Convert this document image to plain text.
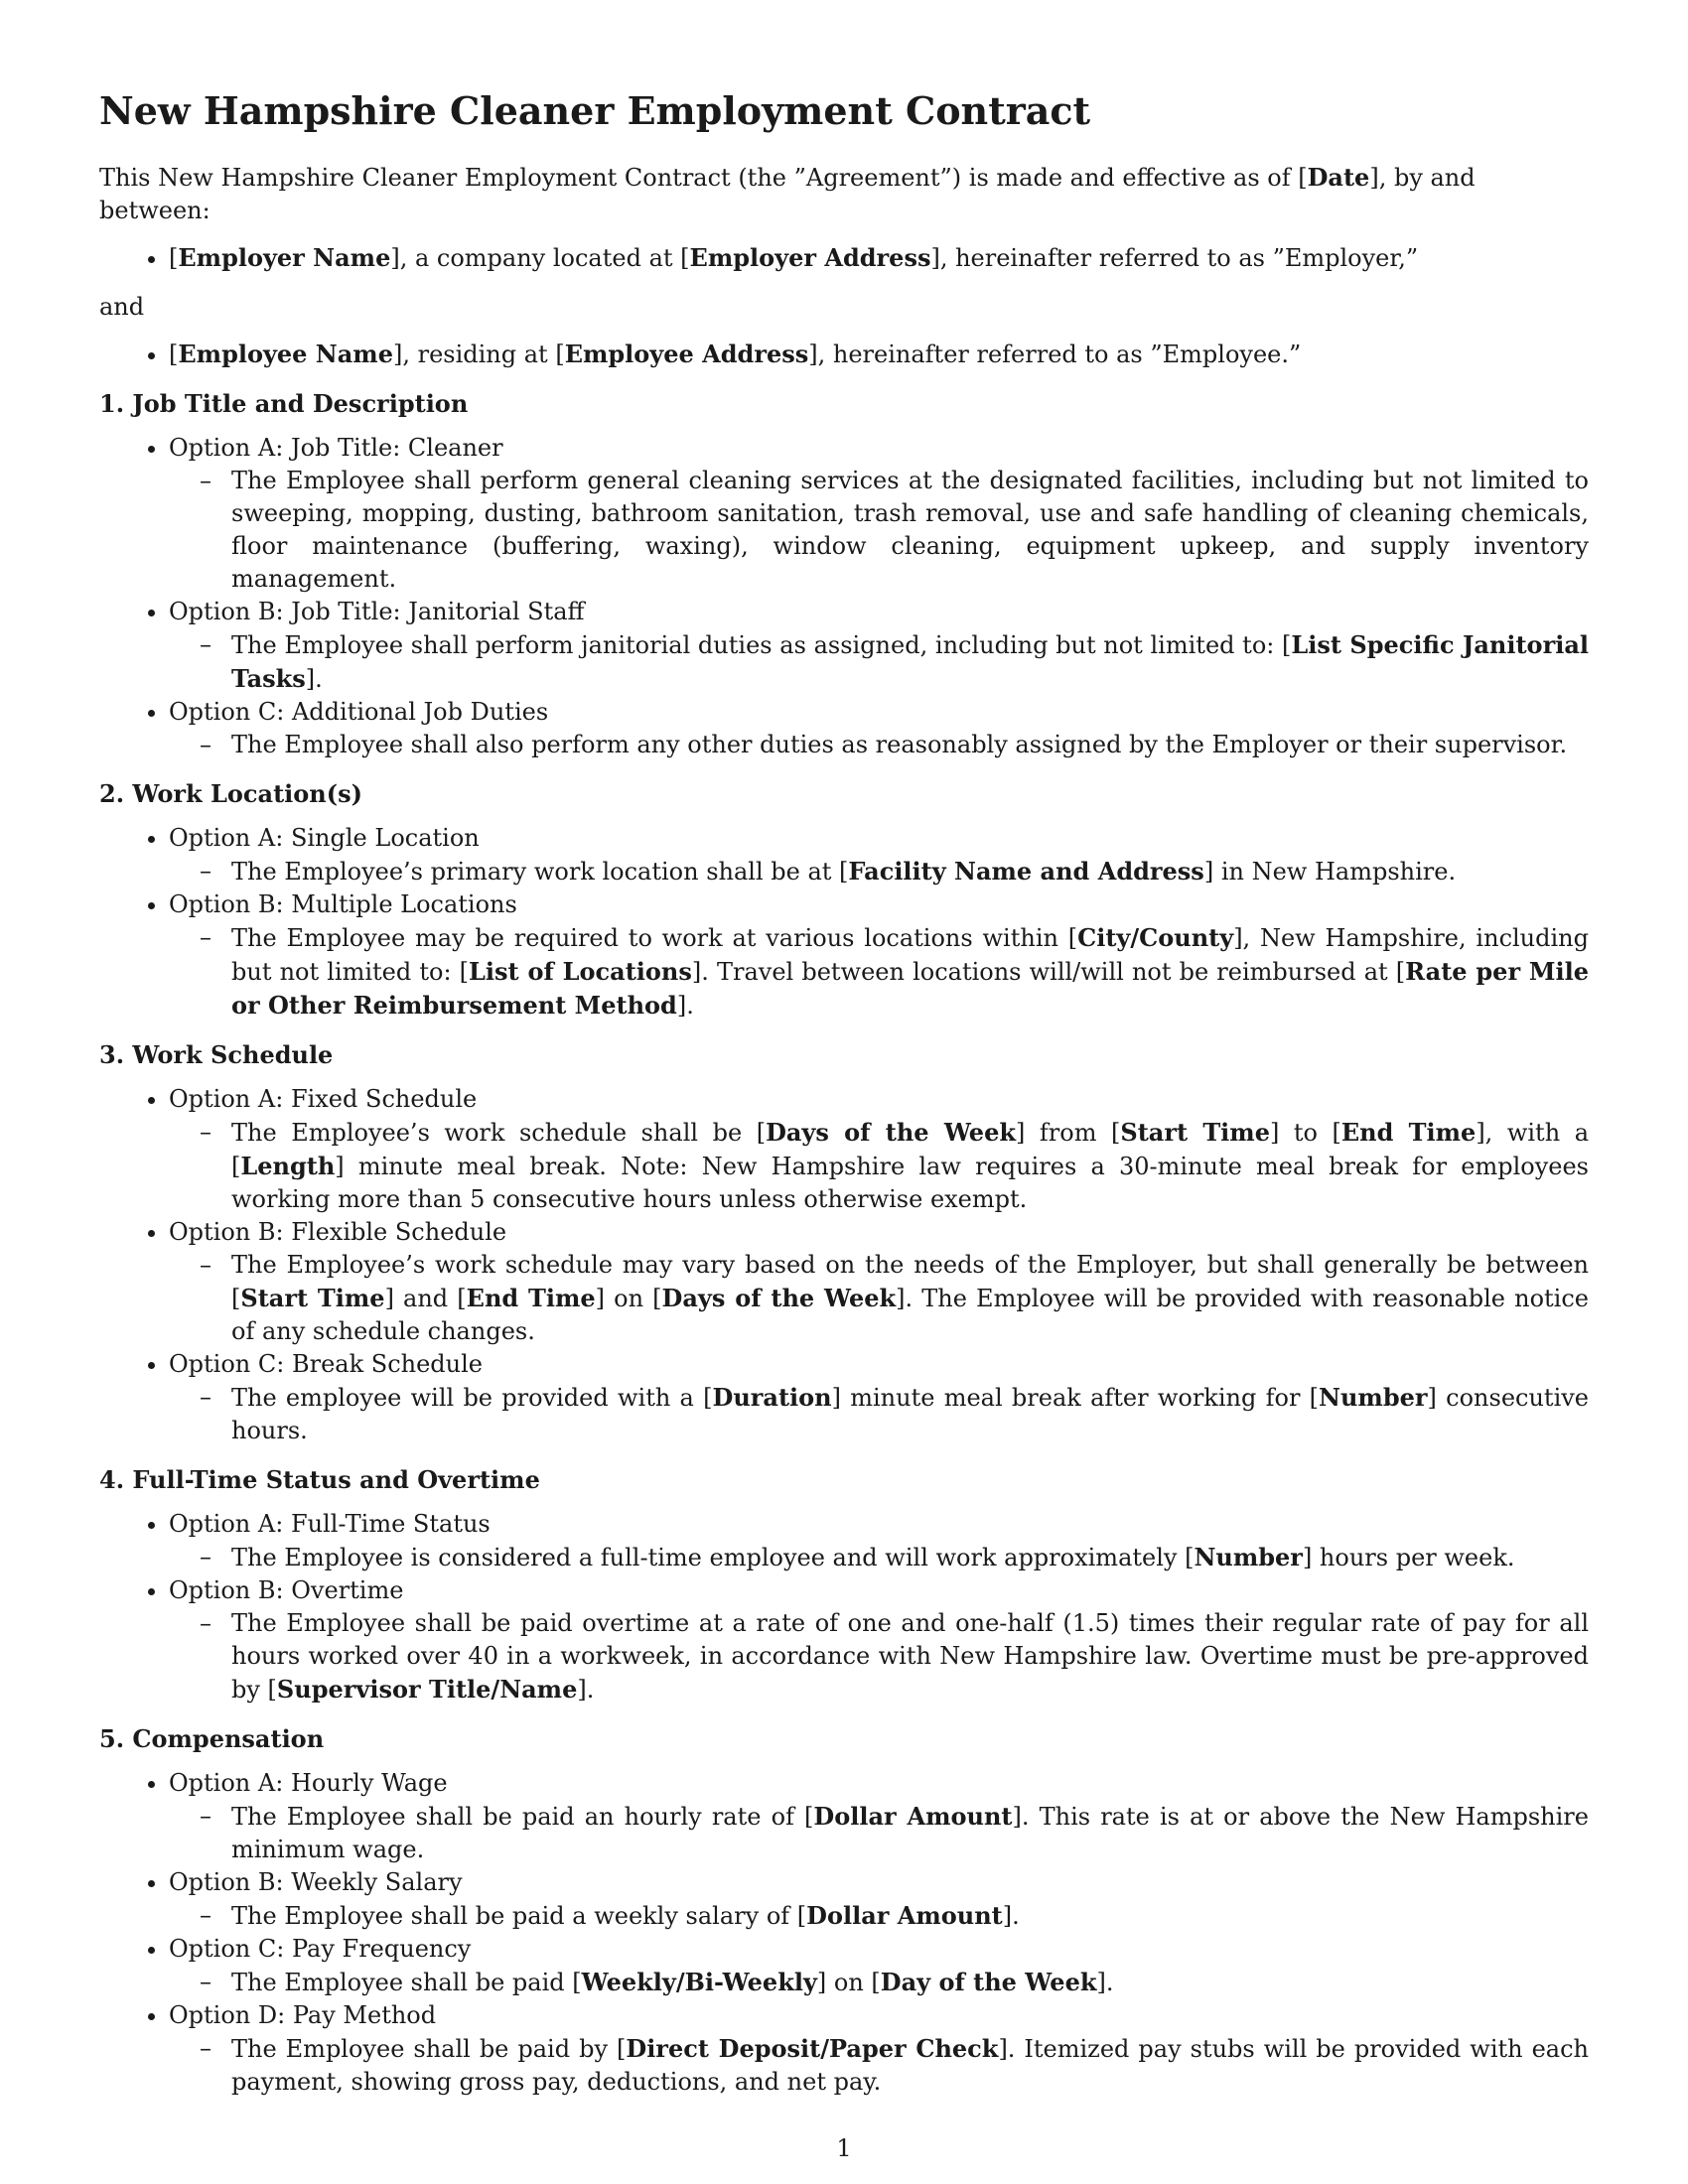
New Hampshire Cleaner Employment Contract

This New Hampshire Cleaner Employment Contract (the ”Agreement”) is made and effective as of [Date], by and between:

• [Employer Name], a company located at [Employer Address], hereinafter referred to as ”Employer,”

and

• [Employee Name], residing at [Employee Address], hereinafter referred to as ”Employee.”
1. Job Title and Description
• Option A: Job Title: Cleaner
– The Employee shall perform general cleaning services at the designated facilities, including but not limited to sweeping, mopping, dusting, bathroom sanitation, trash removal, use and safe handling of cleaning chemicals, floor maintenance (buffering, waxing), window cleaning, equipment upkeep, and supply inventory management.
• Option B: Job Title: Janitorial Staff
– The Employee shall perform janitorial duties as assigned, including but not limited to: [List Specific Janitorial Tasks].
• Option C: Additional Job Duties
– The Employee shall also perform any other duties as reasonably assigned by the Employer or their supervisor.
2. Work Location(s)
• Option A: Single Location
– The Employee’s primary work location shall be at [Facility Name and Address] in New Hampshire.
• Option B: Multiple Locations
– The Employee may be required to work at various locations within [City/County], New Hampshire, including but not limited to: [List of Locations]. Travel between locations will/will not be reimbursed at [Rate per Mile or Other Reimbursement Method].
3. Work Schedule
• Option A: Fixed Schedule
– The Employee’s work schedule shall be [Days of the Week] from [Start Time] to [End Time], with a [Length] minute meal break. Note: New Hampshire law requires a 30-minute meal break for employees working more than 5 consecutive hours unless otherwise exempt.
• Option B: Flexible Schedule
– The Employee’s work schedule may vary based on the needs of the Employer, but shall generally be between [Start Time] and [End Time] on [Days of the Week]. The Employee will be provided with reasonable notice of any schedule changes.
• Option C: Break Schedule
– The employee will be provided with a [Duration] minute meal break after working for [Number] consecutive hours.
4. Full-Time Status and Overtime
• Option A: Full-Time Status
– The Employee is considered a full-time employee and will work approximately [Number] hours per week.
• Option B: Overtime
– The Employee shall be paid overtime at a rate of one and one-half (1.5) times their regular rate of pay for all hours worked over 40 in a workweek, in accordance with New Hampshire law. Overtime must be pre-approved by [Supervisor Title/Name].
5. Compensation
• Option A: Hourly Wage
– The Employee shall be paid an hourly rate of [Dollar Amount]. This rate is at or above the New Hampshire minimum wage.
• Option B: Weekly Salary
– The Employee shall be paid a weekly salary of [Dollar Amount].
• Option C: Pay Frequency
– The Employee shall be paid [Weekly/Bi-Weekly] on [Day of the Week].
• Option D: Pay Method
– The Employee shall be paid by [Direct Deposit/Paper Check]. Itemized pay stubs will be provided with each payment, showing gross pay, deductions, and net pay.
1
